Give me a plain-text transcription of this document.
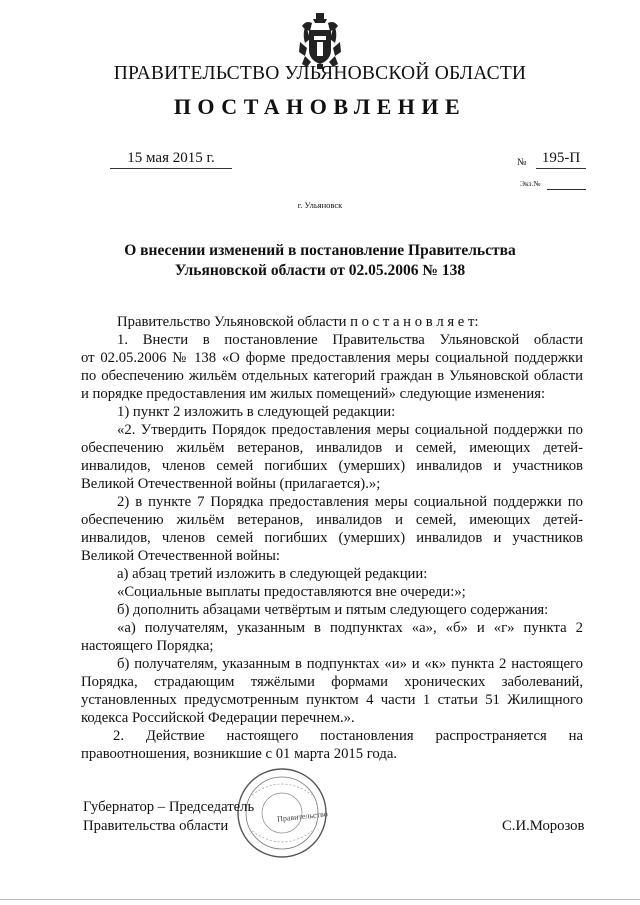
ПРАВИТЕЛЬСТВО УЛЬЯНОВСКОЙ ОБЛАСТИ
ПОСТАНОВЛЕНИЕ
15 мая 2015 г.	№	195-П
Экз.№
г. Ульяновск
О внесении изменений в постановление Правительства
Ульяновской области от 02.05.2006 № 138
Правительство Ульяновской области п о с т а н о в л я е т:
1. Внести в постановление Правительства Ульяновской области
от 02.05.2006 № 138 «О форме предоставления меры социальной поддержки
по обеспечению жильём отдельных категорий граждан в Ульяновской области
и порядке предоставления им жилых помещений» следующие изменения:
1) пункт 2 изложить в следующей редакции:
«2. Утвердить Порядок предоставления меры социальной поддержки по
обеспечению жильём ветеранов, инвалидов и семей, имеющих детей-
инвалидов, членов семей погибших (умерших) инвалидов и участников
Великой Отечественной войны (прилагается).»;
2) в пункте 7 Порядка предоставления меры социальной поддержки по
обеспечению жильём ветеранов, инвалидов и семей, имеющих детей-
инвалидов, членов семей погибших (умерших) инвалидов и участников
Великой Отечественной войны:
а) абзац третий изложить в следующей редакции:
«Социальные выплаты предоставляются вне очереди:»;
б) дополнить абзацами четвёртым и пятым следующего содержания:
«а) получателям, указанным в подпунктах «а», «б» и «г» пункта 2
настоящего Порядка;
б) получателям, указанным в подпунктах «и» и «к» пункта 2 настоящего
Порядка, страдающим тяжёлыми формами хронических заболеваний,
установленных предусмотренным пунктом 4 части 1 статьи 51 Жилищного
кодекса Российской Федерации перечнем.».
2. Действие настоящего постановления распространяется на
правоотношения, возникшие с 01 марта 2015 года.
Правительство
Губернатор – Председатель
Правительства области	С.И.Морозов
